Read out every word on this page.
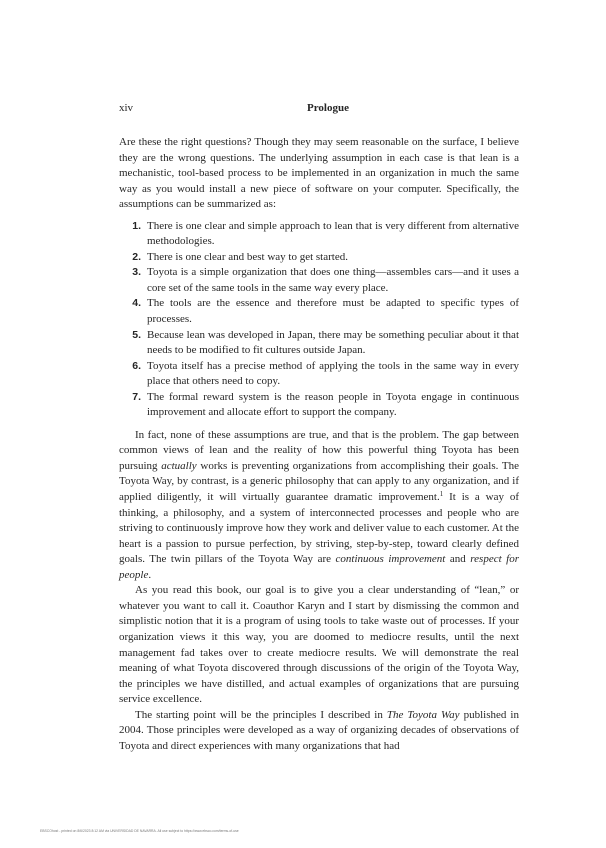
xiv	Prologue

Are these the right questions? Though they may seem reasonable on the surface, I believe they are the wrong questions. The underlying assumption in each case is that lean is a mechanistic, tool-based process to be implemented in an organization in much the same way as you would install a new piece of software on your computer. Specifically, the assumptions can be summarized as:

1. There is one clear and simple approach to lean that is very different from alternative methodologies.
2. There is one clear and best way to get started.
3. Toyota is a simple organization that does one thing—assembles cars—and it uses a core set of the same tools in the same way every place.
4. The tools are the essence and therefore must be adapted to specific types of processes.
5. Because lean was developed in Japan, there may be something peculiar about it that needs to be modified to fit cultures outside Japan.
6. Toyota itself has a precise method of applying the tools in the same way in every place that others need to copy.
7. The formal reward system is the reason people in Toyota engage in continuous improvement and allocate effort to support the company.

In fact, none of these assumptions are true, and that is the problem. The gap between common views of lean and the reality of how this powerful thing Toyota has been pursuing actually works is preventing organizations from accomplishing their goals. The Toyota Way, by contrast, is a generic philosophy that can apply to any organization, and if applied diligently, it will virtually guarantee dramatic improvement.$^1$ It is a way of thinking, a philosophy, and a system of interconnected processes and people who are striving to continuously improve how they work and deliver value to each customer. At the heart is a passion to pursue perfection, by striving, step-by-step, toward clearly defined goals. The twin pillars of the Toyota Way are continuous improvement and respect for people.

As you read this book, our goal is to give you a clear understanding of “lean,” or whatever you want to call it. Coauthor Karyn and I start by dismissing the common and simplistic notion that it is a program of using tools to take waste out of processes. If your organization views it this way, you are doomed to mediocre results, until the next management fad takes over to create mediocre results. We will demonstrate the real meaning of what Toyota discovered through discussions of the origin of the Toyota Way, the principles we have distilled, and actual examples of organizations that are pursuing service excellence.

The starting point will be the principles I described in The Toyota Way published in 2004. Those principles were developed as a way of organizing decades of observations of Toyota and direct experiences with many organizations that had

EBSCOhost - printed on 8/6/2023 8:12 AM via UNIVERSIDAD DE NAVARRA. All use subject to https://www.ebsco.com/terms-of-use
